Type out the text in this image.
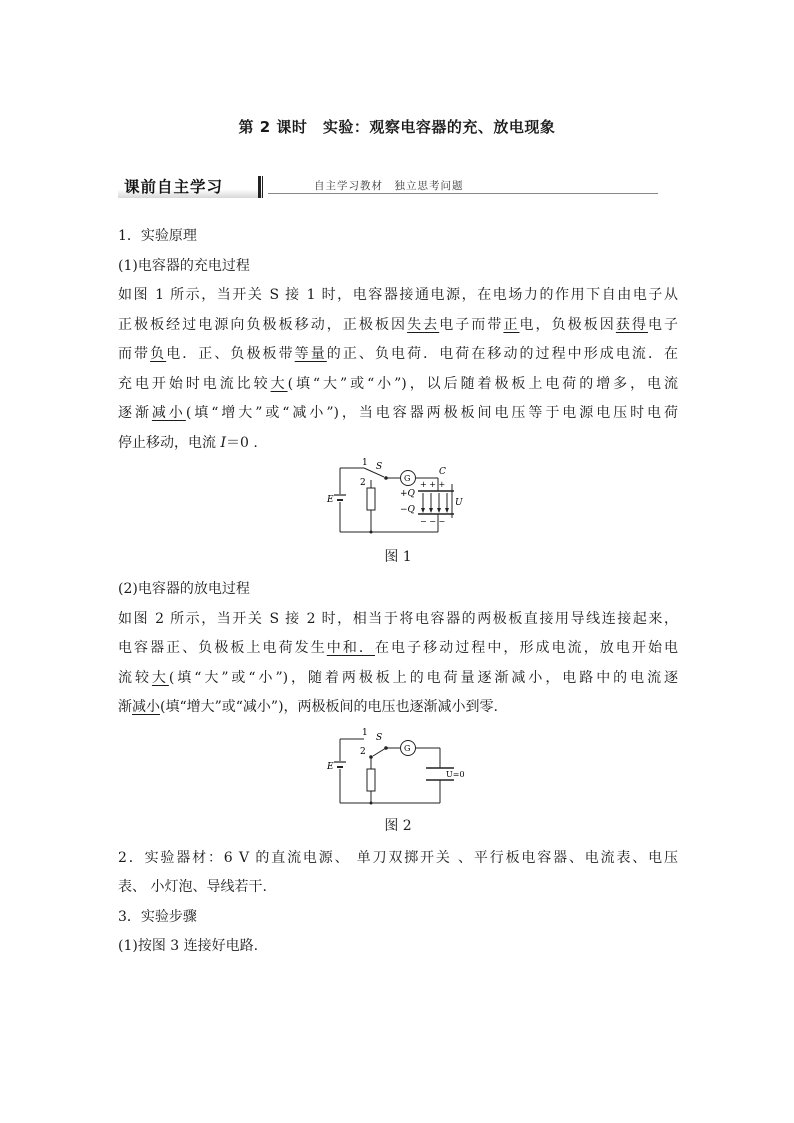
第 2 课时　实验：观察电容器的充、放电现象
课前自主学习	自主学习教材　独立思考问题
1．实验原理
(1)电容器的充电过程
如图 1 所示，当开关 S 接 1 时，电容器接通电源，在电场力的作用下自由电子从
正极板经过电源向负极板移动，正极板因失去电子而带正电，负极板因获得电子
而带负电．正、负极板带等量的正、负电荷．电荷在移动的过程中形成电流．在
充电开始时电流比较大(填“大”或“小”)，以后随着极板上电荷的增多，电流
逐渐减小(填“增大”或“减小”)，当电容器两极板间电压等于电源电压时电荷
停止移动，电流 I＝0 .
1 S
2	G
C
+ + +
+Q
−Q
− − −
U
E
图 1
(2)电容器的放电过程
如图 2 所示，当开关 S 接 2 时，相当于将电容器的两极板直接用导线连接起来，
电容器正、负极板上电荷发生中和．在电子移动过程中，形成电流，放电开始电
流较大(填“大”或“小”)，随着两极板上的电荷量逐渐减小，电路中的电流逐
渐减小(填“增大”或“减小”)，两极板间的电压也逐渐减小到零.
1 S
2	G
U=0
E
图 2
2．实验器材：6 V 的直流电源、 单刀双掷开关 、平行板电容器、电流表、电压
表、 小灯泡、导线若干.
3．实验步骤
(1)按图 3 连接好电路.
